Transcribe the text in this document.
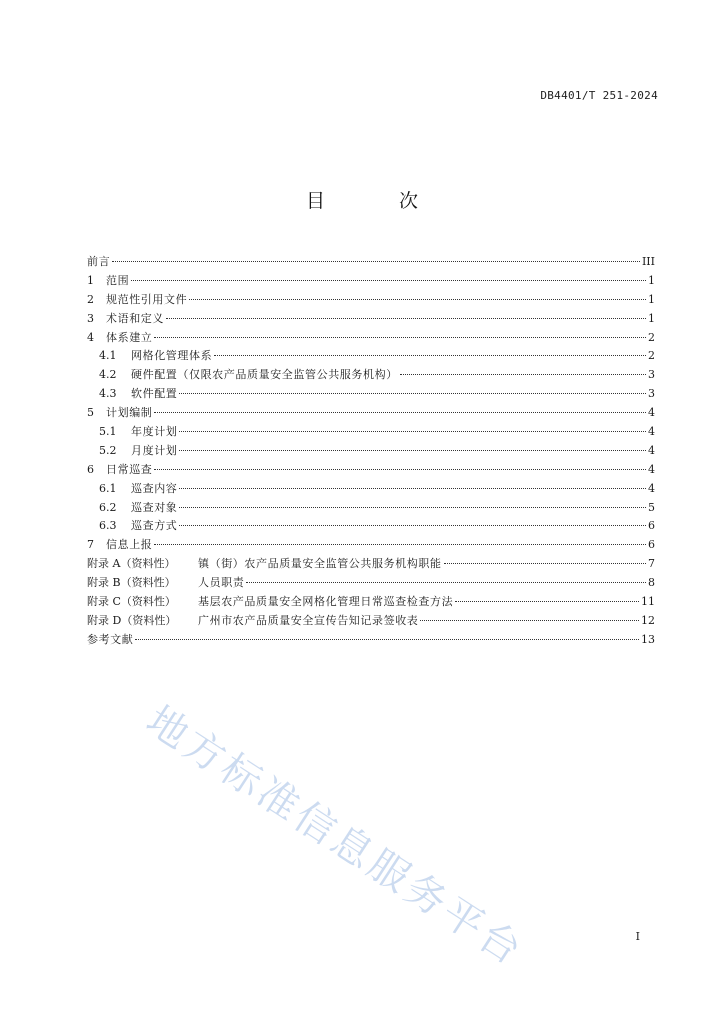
DB4401/T 251-2024
目 次
前言	III
1	范围	1
2	规范性引用文件	1
3	术语和定义	1
4	体系建立	2
4.1	网格化管理体系	2
4.2	硬件配置（仅限农产品质量安全监管公共服务机构）	3
4.3	软件配置	3
5	计划编制	4
5.1	年度计划	4
5.2	月度计划	4
6	日常巡查	4
6.1	巡查内容	4
6.2	巡查对象	5
6.3	巡查方式	6
7	信息上报	6
附录 A（资料性）	镇（街）农产品质量安全监管公共服务机构职能	7
附录 B（资料性）	人员职责	8
附录 C（资料性）	基层农产品质量安全网格化管理日常巡查检查方法	11
附录 D（资料性）	广州市农产品质量安全宣传告知记录签收表	12
参考文献	13
地方标准信息服务平台	I
